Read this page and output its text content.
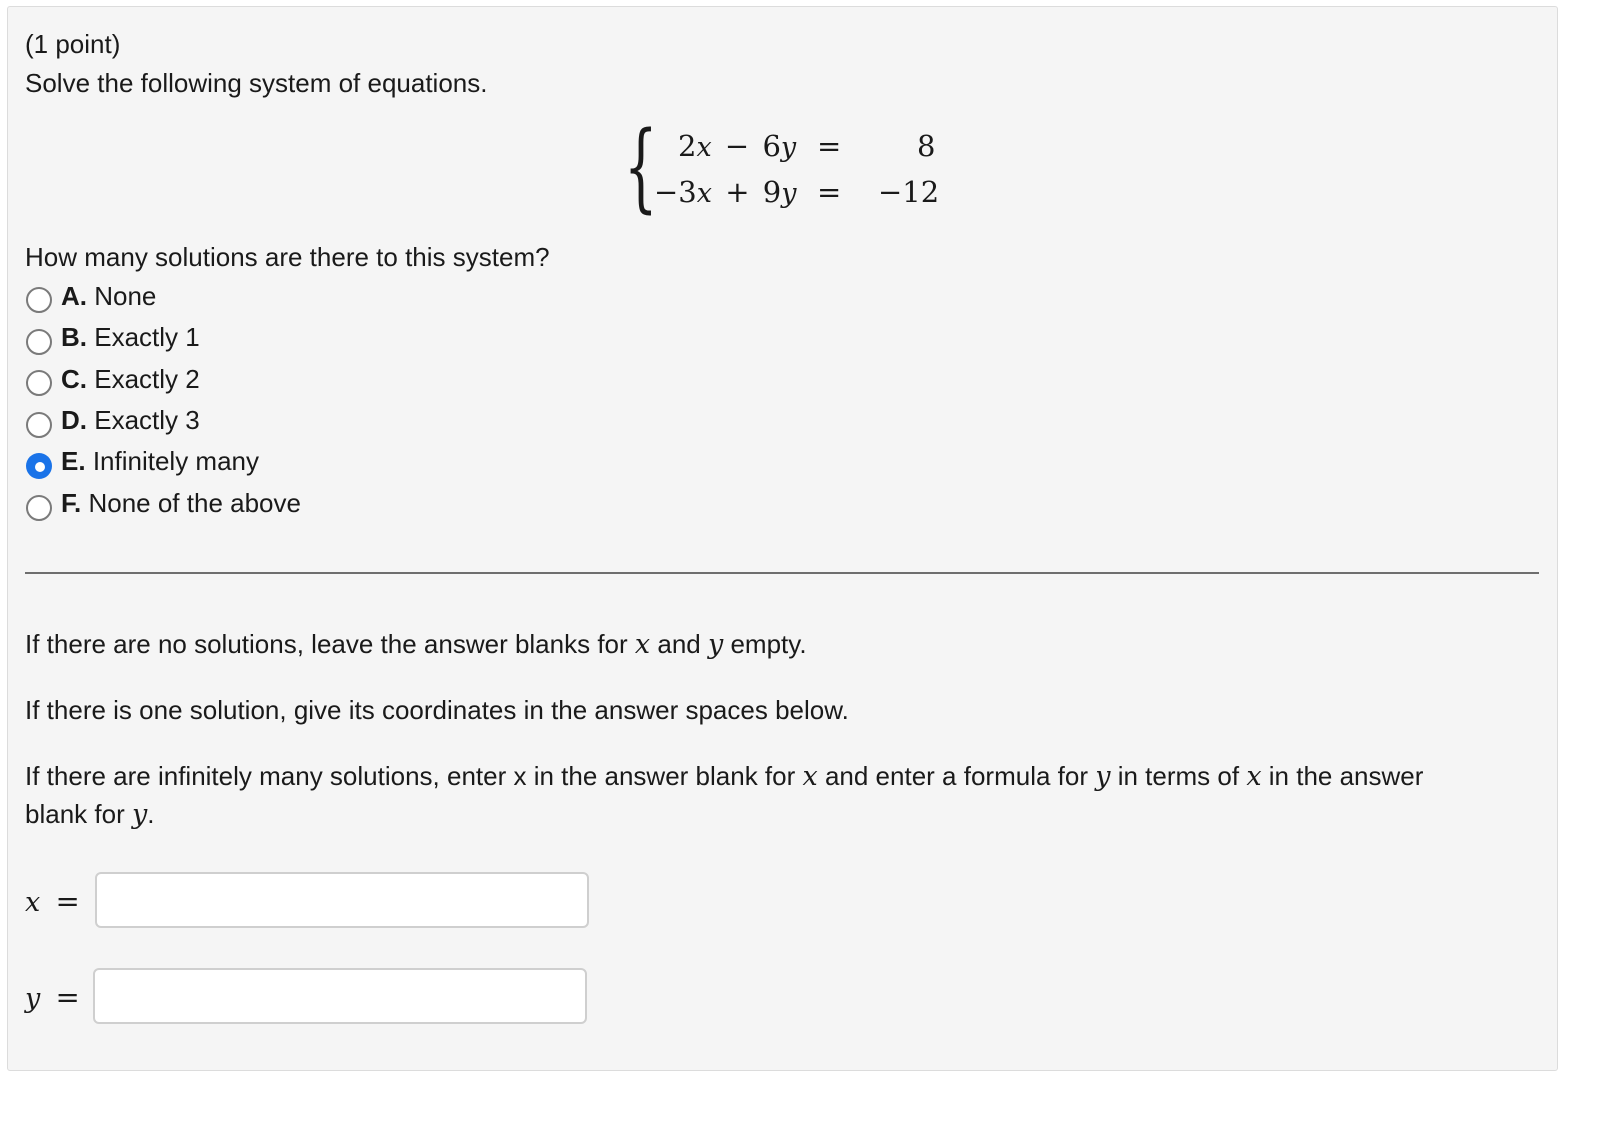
(1 point)
Solve the following system of equations.
{ 2x − 6y =	8
−3x + 9y = −12
How many solutions are there to this system?
A. None
B. Exactly 1
C. Exactly 2
D. Exactly 3
E. Infinitely many
F. None of the above
If there are no solutions, leave the answer blanks for x and y empty.
If there is one solution, give its coordinates in the answer spaces below.
If there are infinitely many solutions, enter x in the answer blank for x and enter a formula for y in terms of x in the answer
blank for y.
x =
y =
